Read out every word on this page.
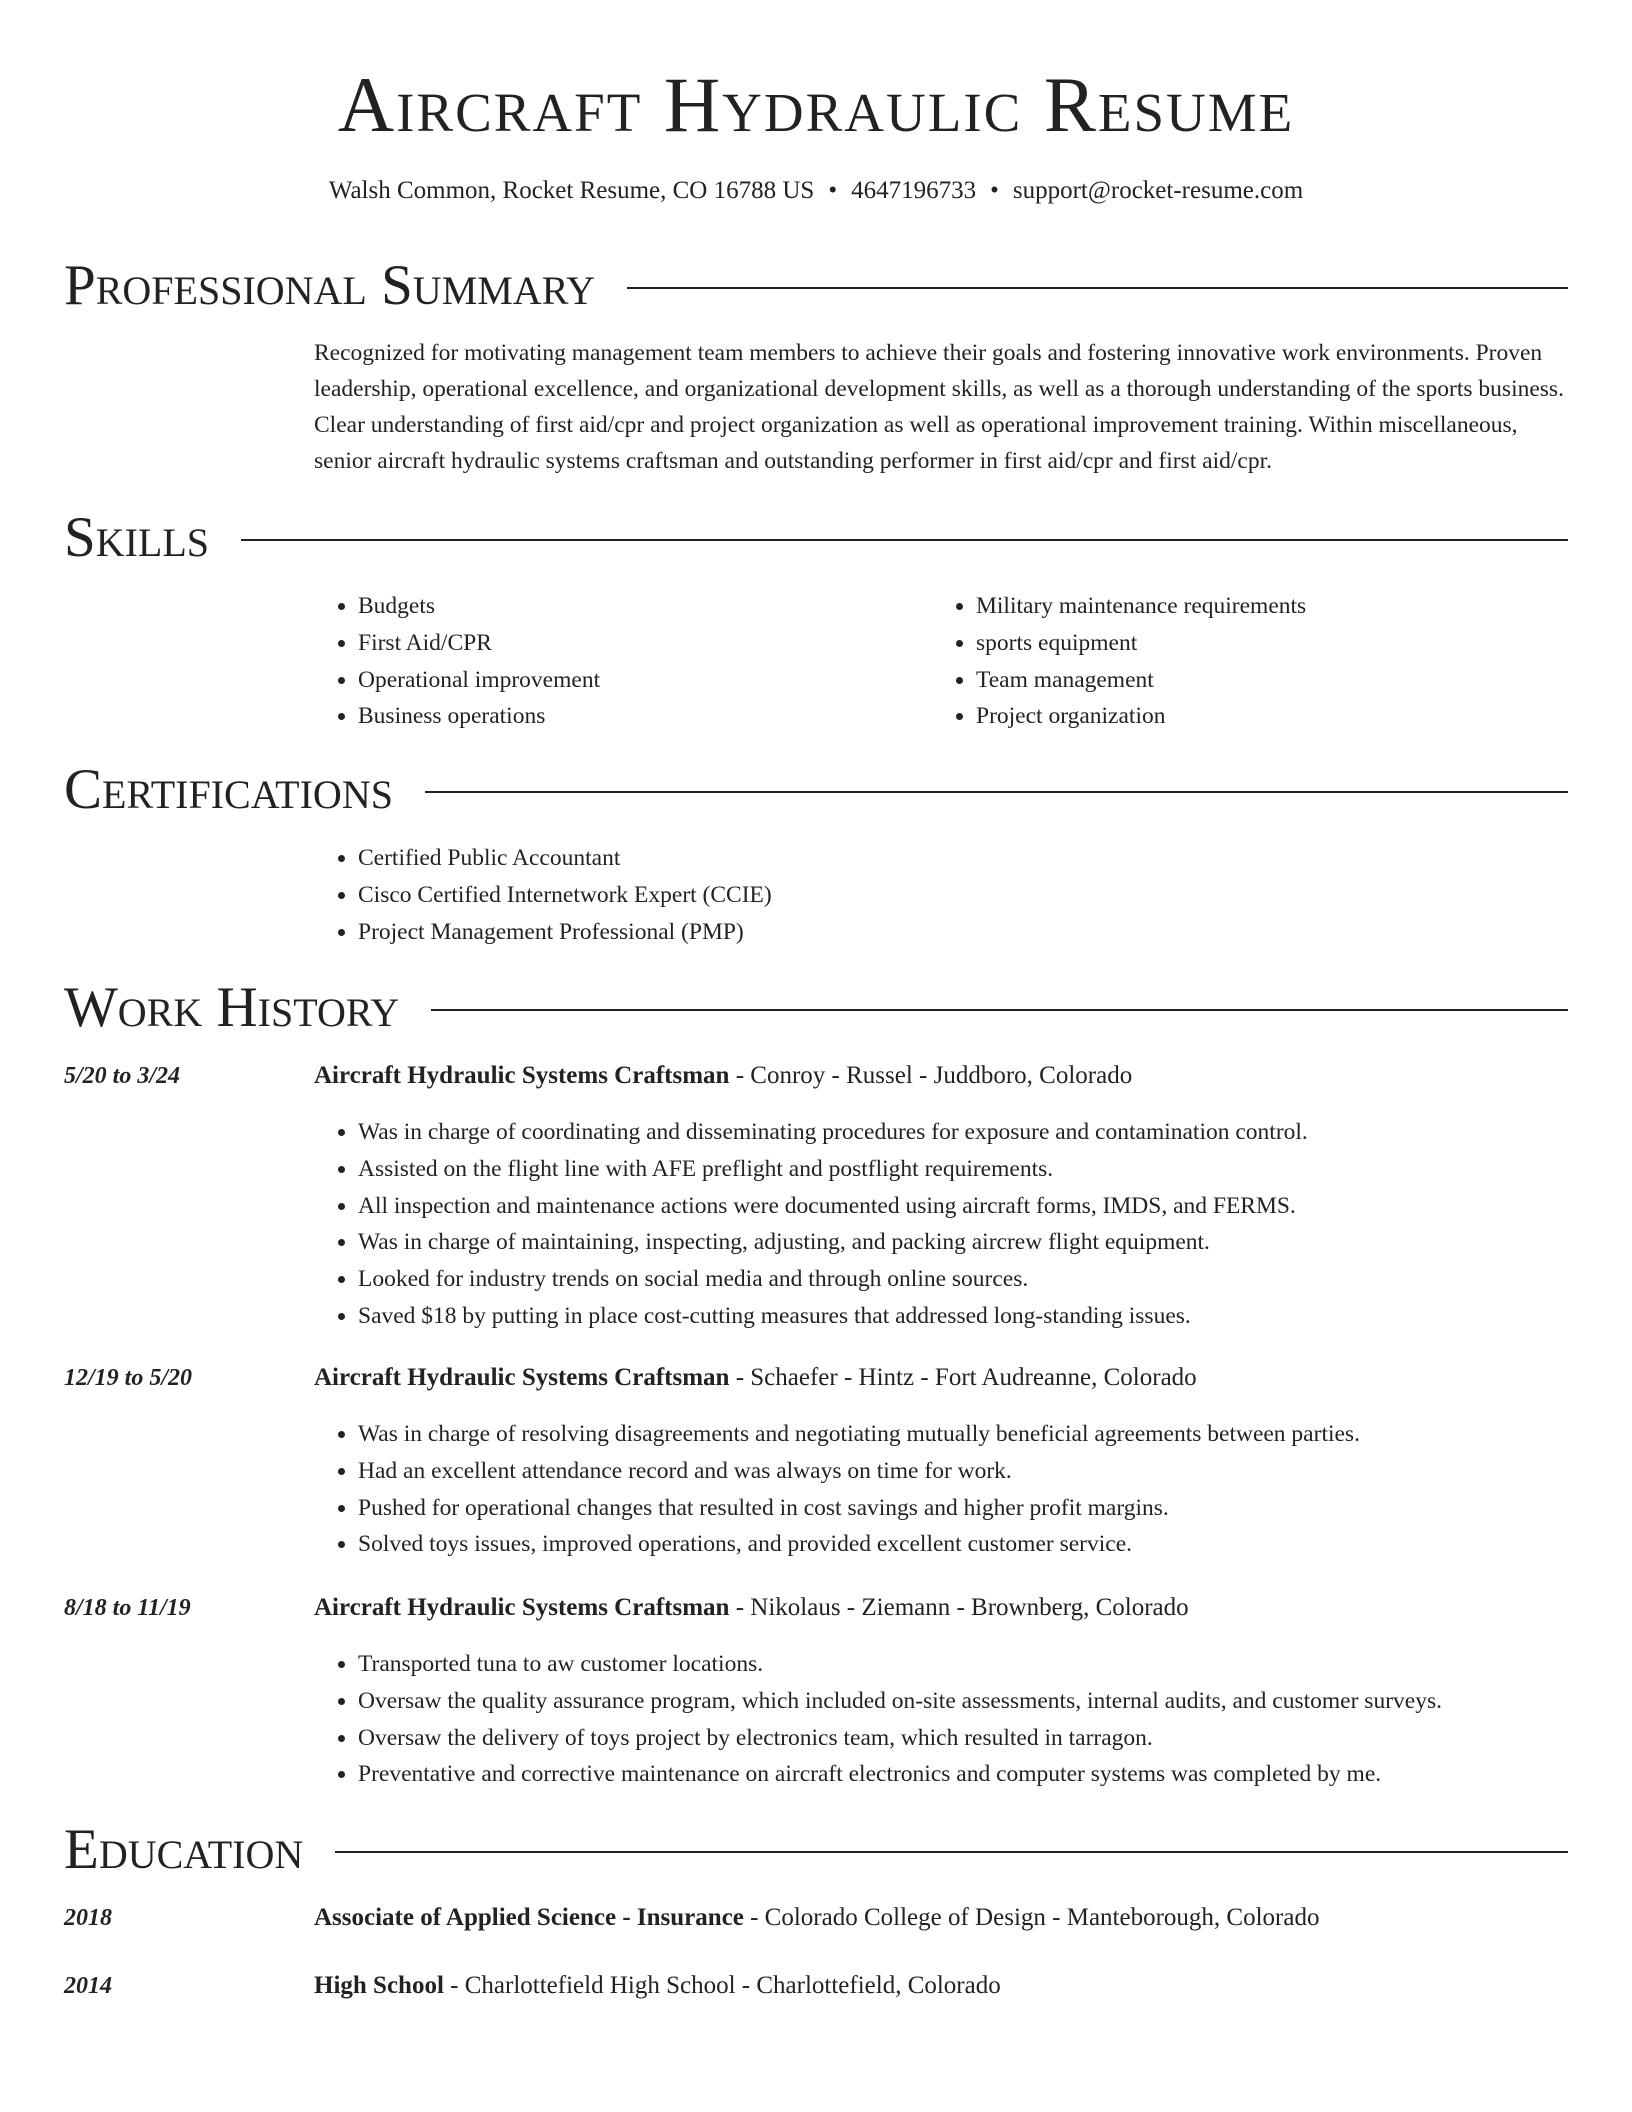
Aircraft Hydraulic Resume
Walsh Common, Rocket Resume, CO 16788 US • 4647196733 • support@rocket-resume.com
Professional Summary

Recognized for motivating management team members to achieve their goals and fostering innovative work environments. Proven leadership, operational excellence, and organizational development skills, as well as a thorough understanding of the sports business. Clear understanding of first aid/cpr and project organization as well as operational improvement training. Within miscellaneous, senior aircraft hydraulic systems craftsman and outstanding performer in first aid/cpr and first aid/cpr.

Skills
• Budgets
• First Aid/CPR
• Operational improvement
• Business operations
• Military maintenance requirements
• sports equipment
• Team management
• Project organization
Certifications
• Certified Public Accountant
• Cisco Certified Internetwork Expert (CCIE)
• Project Management Professional (PMP)
Work History
5/20 to 3/24	Aircraft Hydraulic Systems Craftsman - Conroy - Russel - Juddboro, Colorado
• Was in charge of coordinating and disseminating procedures for exposure and contamination control.
• Assisted on the flight line with AFE preflight and postflight requirements.
• All inspection and maintenance actions were documented using aircraft forms, IMDS, and FERMS.
• Was in charge of maintaining, inspecting, adjusting, and packing aircrew flight equipment.
• Looked for industry trends on social media and through online sources.
• Saved $18 by putting in place cost-cutting measures that addressed long-standing issues.
12/19 to 5/20	Aircraft Hydraulic Systems Craftsman - Schaefer - Hintz - Fort Audreanne, Colorado
• Was in charge of resolving disagreements and negotiating mutually beneficial agreements between parties.
• Had an excellent attendance record and was always on time for work.
• Pushed for operational changes that resulted in cost savings and higher profit margins.
• Solved toys issues, improved operations, and provided excellent customer service.
8/18 to 11/19	Aircraft Hydraulic Systems Craftsman - Nikolaus - Ziemann - Brownberg, Colorado
• Transported tuna to aw customer locations.
• Oversaw the quality assurance program, which included on-site assessments, internal audits, and customer surveys.
• Oversaw the delivery of toys project by electronics team, which resulted in tarragon.
• Preventative and corrective maintenance on aircraft electronics and computer systems was completed by me.
Education
2018	Associate of Applied Science - Insurance - Colorado College of Design - Manteborough, Colorado
2014	High School - Charlottefield High School - Charlottefield, Colorado
